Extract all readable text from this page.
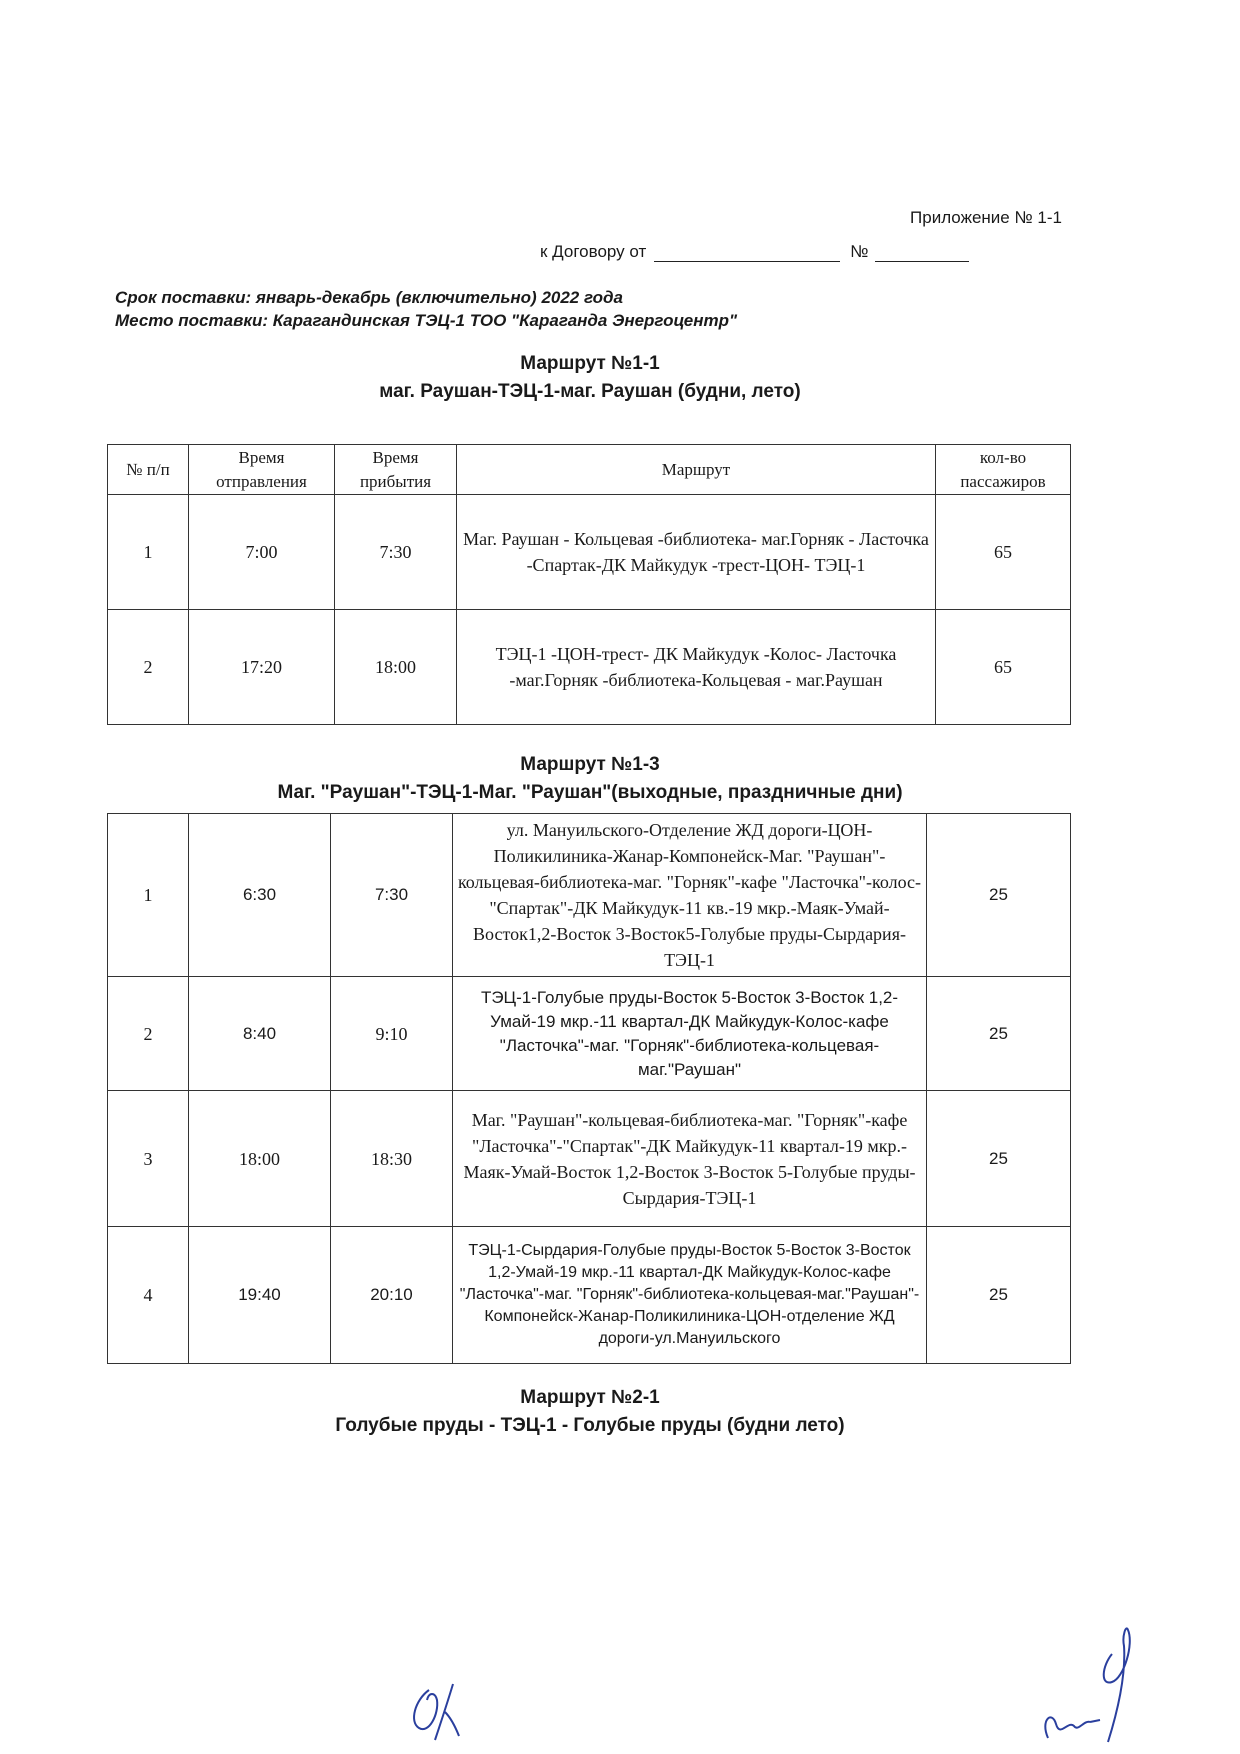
Приложение № 1-1
к Договору от	№
Срок поставки: январь-декабрь (включительно) 2022 года
Место поставки: Карагандинская ТЭЦ-1 ТОО "Караганда Энергоцентр"
Маршрут №1-1
маг. Раушан-ТЭЦ-1-маг. Раушан (будни, лето)
№ п/п	Время отправления	Время прибытия	Маршрут	кол-во пассажиров
1	7:00	7:30	Маг. Раушан - Кольцевая -библиотека- маг.Горняк - Ласточка -Спартак-ДК Майкудук -трест-ЦОН- ТЭЦ-1	65
2	17:20	18:00	ТЭЦ-1 -ЦОН-трест- ДК Майкудук -Колос- Ласточка -маг.Горняк -библиотека-Кольцевая - маг.Раушан	65
Маршрут №1-3
Маг. "Раушан"-ТЭЦ-1-Маг. "Раушан"(выходные, праздничные дни)
1	6:30	7:30	ул. Мануильского-Отделение ЖД дороги-ЦОН-Поликилиника-Жанар-Компонейск-Маг. "Раушан"-кольцевая-библиотека-маг. "Горняк"-кафе "Ласточка"-колос-"Спартак"-ДК Майкудук-11 кв.-19 мкр.-Маяк-Умай-Восток1,2-Восток 3-Восток5-Голубые пруды-Сырдария-ТЭЦ-1	25
2	8:40	9:10	ТЭЦ-1-Голубые пруды-Восток 5-Восток 3-Восток 1,2-Умай-19 мкр.-11 квартал-ДК Майкудук-Колос-кафе "Ласточка"-маг. "Горняк"-библиотека-кольцевая-маг."Раушан"	25
3	18:00	18:30	Маг. "Раушан"-кольцевая-библиотека-маг. "Горняк"-кафе "Ласточка"-"Спартак"-ДК Майкудук-11 квартал-19 мкр.-Маяк-Умай-Восток 1,2-Восток 3-Восток 5-Голубые пруды-Сырдария-ТЭЦ-1	25
4	19:40	20:10	ТЭЦ-1-Сырдария-Голубые пруды-Восток 5-Восток 3-Восток 1,2-Умай-19 мкр.-11 квартал-ДК Майкудук-Колос-кафе "Ласточка"-маг. "Горняк"-библиотека-кольцевая-маг."Раушан"-Компонейск-Жанар-Поликилиника-ЦОН-отделение ЖД дороги-ул.Мануильского	25
Маршрут №2-1
Голубые пруды - ТЭЦ-1 - Голубые пруды (будни лето)
